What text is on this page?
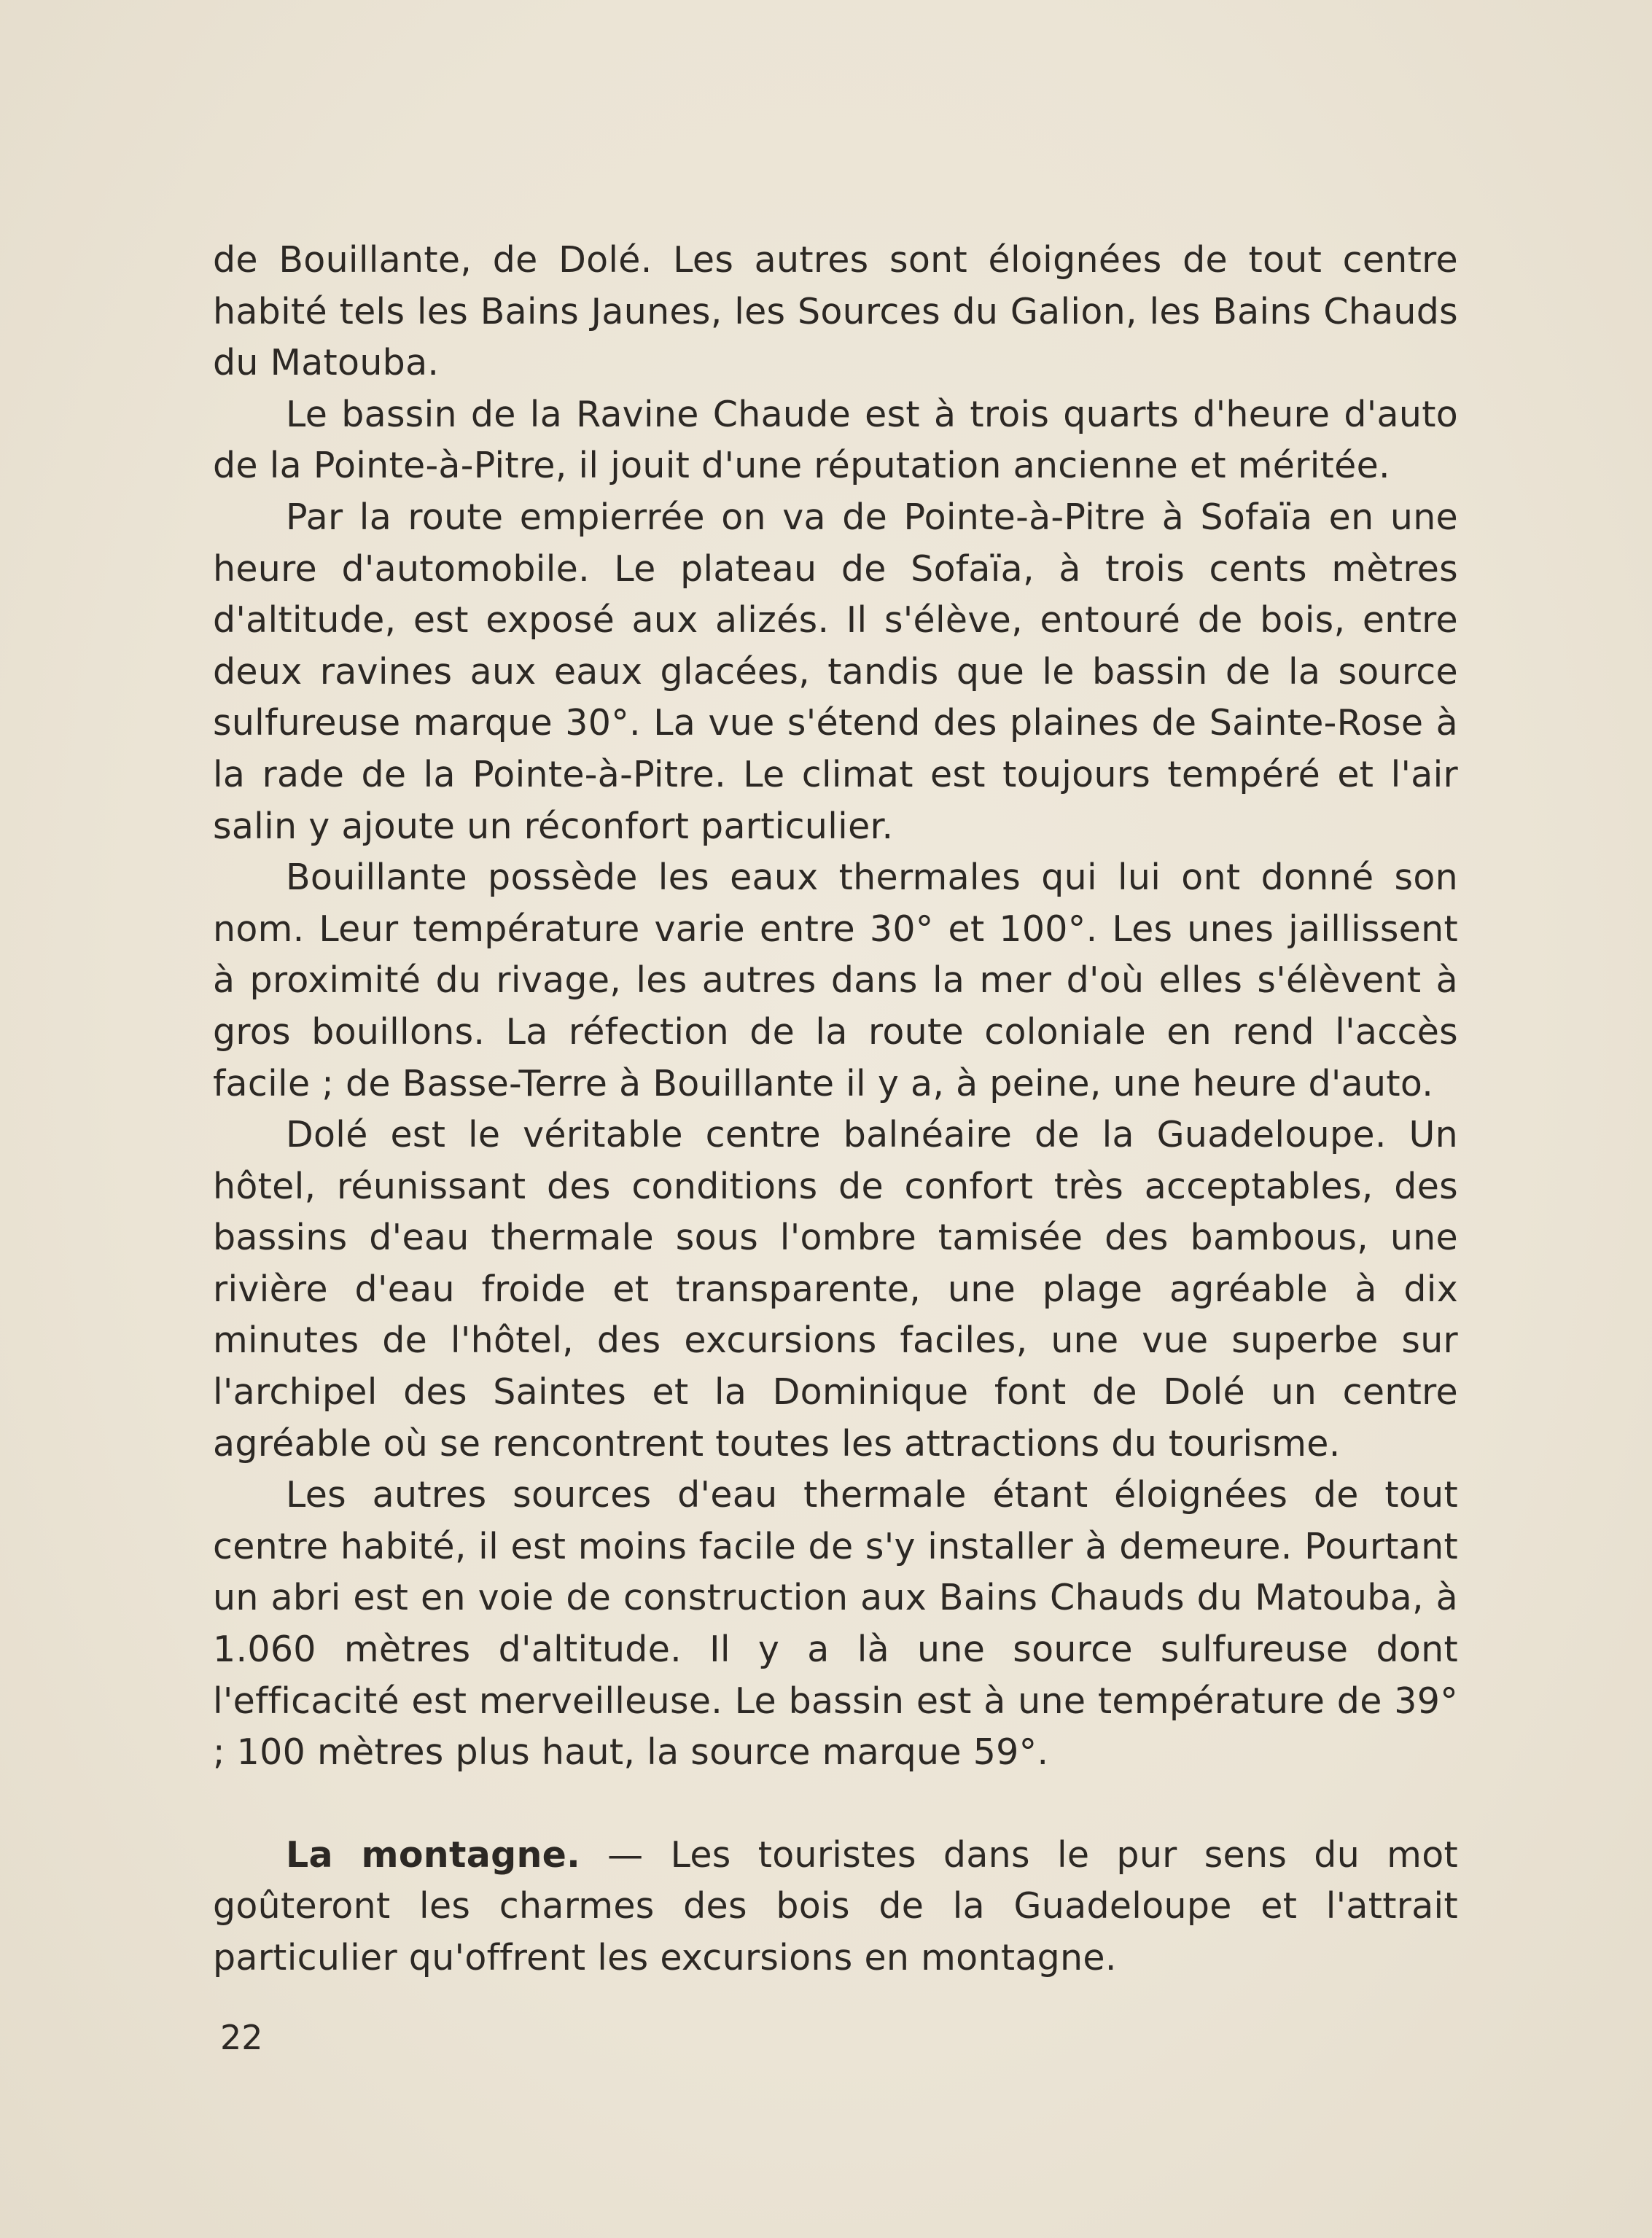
de Bouillante, de Dolé. Les autres sont éloignées de tout centre habité tels les Bains Jaunes, les Sources du Galion, les Bains Chauds du Matouba.

Le bassin de la Ravine Chaude est à trois quarts d'heure d'auto de la Pointe-à-Pitre, il jouit d'une réputation ancienne et méritée.

Par la route empierrée on va de Pointe-à-Pitre à Sofaïa en une heure d'automobile. Le plateau de Sofaïa, à trois cents mètres d'altitude, est exposé aux alizés. Il s'élève, entouré de bois, entre deux ravines aux eaux glacées, tandis que le bassin de la source sulfureuse marque 30°. La vue s'étend des plaines de Sainte-Rose à la rade de la Pointe-à-Pitre. Le climat est toujours tempéré et l'air salin y ajoute un réconfort particulier.

Bouillante possède les eaux thermales qui lui ont donné son nom. Leur température varie entre 30° et 100°. Les unes jaillissent à proximité du rivage, les autres dans la mer d'où elles s'élèvent à gros bouillons. La réfection de la route coloniale en rend l'accès facile ; de Basse-Terre à Bouillante il y a, à peine, une heure d'auto.

Dolé est le véritable centre balnéaire de la Guadeloupe. Un hôtel, réunissant des conditions de confort très acceptables, des bassins d'eau thermale sous l'ombre tamisée des bambous, une rivière d'eau froide et transparente, une plage agréable à dix minutes de l'hôtel, des excursions faciles, une vue superbe sur l'archipel des Saintes et la Dominique font de Dolé un centre agréable où se rencontrent toutes les attractions du tourisme.

Les autres sources d'eau thermale étant éloignées de tout centre habité, il est moins facile de s'y installer à demeure. Pourtant un abri est en voie de construction aux Bains Chauds du Matouba, à 1.060 mètres d'altitude. Il y a là une source sulfureuse dont l'efficacité est merveilleuse. Le bassin est à une température de 39° ; 100 mètres plus haut, la source marque 59°.

La montagne. — Les touristes dans le pur sens du mot goûteront les charmes des bois de la Guadeloupe et l'attrait particulier qu'offrent les excursions en montagne.

22
